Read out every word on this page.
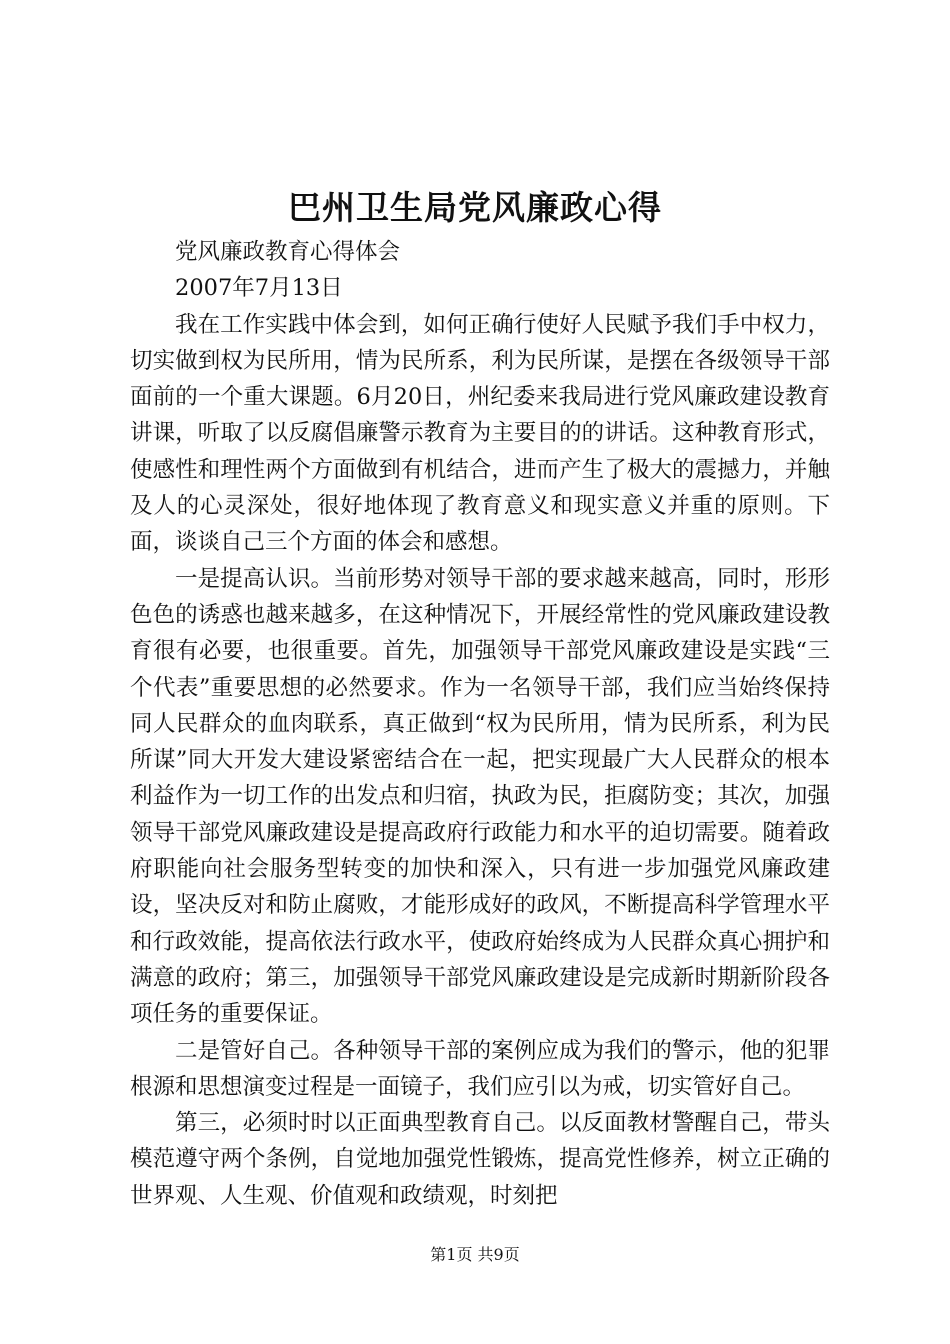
巴州卫生局党风廉政心得

党风廉政教育心得体会

2007年7月13日

我在工作实践中体会到，如何正确行使好人民赋予我们手中权力，切实做到权为民所用，情为民所系，利为民所谋，是摆在各级领导干部面前的一个重大课题。6月20日，州纪委来我局进行党风廉政建设教育讲课，听取了以反腐倡廉警示教育为主要目的的讲话。这种教育形式，使感性和理性两个方面做到有机结合，进而产生了极大的震撼力，并触及人的心灵深处，很好地体现了教育意义和现实意义并重的原则。下面，谈谈自己三个方面的体会和感想。

一是提高认识。当前形势对领导干部的要求越来越高，同时，形形色色的诱惑也越来越多，在这种情况下，开展经常性的党风廉政建设教育很有必要，也很重要。首先，加强领导干部党风廉政建设是实践“三个代表”重要思想的必然要求。作为一名领导干部，我们应当始终保持同人民群众的血肉联系，真正做到“权为民所用，情为民所系，利为民所谋”同大开发大建设紧密结合在一起，把实现最广大人民群众的根本利益作为一切工作的出发点和归宿，执政为民，拒腐防变；其次，加强领导干部党风廉政建设是提高政府行政能力和水平的迫切需要。随着政府职能向社会服务型转变的加快和深入，只有进一步加强党风廉政建设，坚决反对和防止腐败，才能形成好的政风，不断提高科学管理水平和行政效能，提高依法行政水平，使政府始终成为人民群众真心拥护和满意的政府；第三，加强领导干部党风廉政建设是完成新时期新阶段各项任务的重要保证。

二是管好自己。各种领导干部的案例应成为我们的警示，他的犯罪根源和思想演变过程是一面镜子，我们应引以为戒，切实管好自己。

第三，必须时时以正面典型教育自己。以反面教材警醒自己，带头模范遵守两个条例，自觉地加强党性锻炼，提高党性修养，树立正确的世界观、人生观、价值观和政绩观，时刻把

第1页 共9页
